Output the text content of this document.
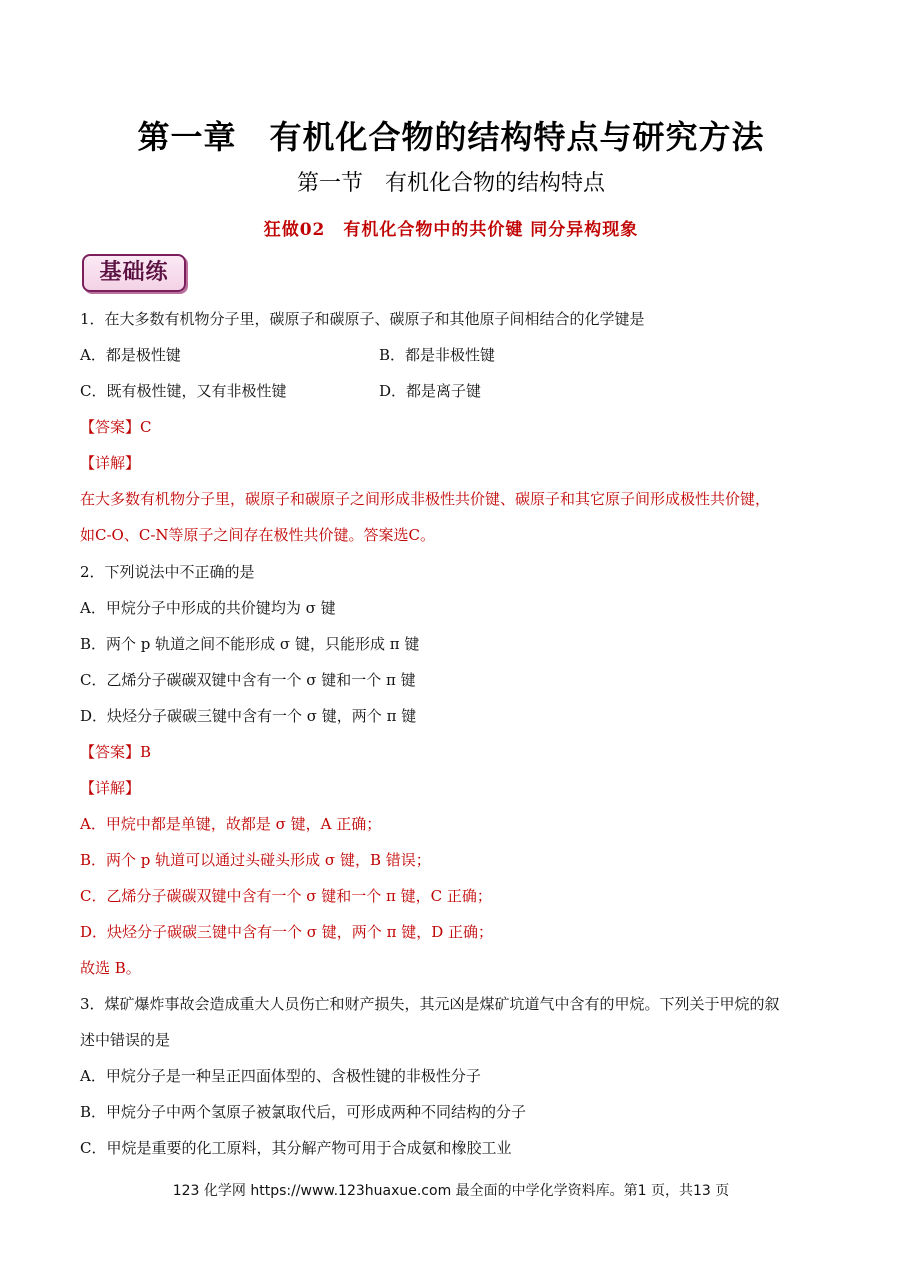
第一章　有机化合物的结构特点与研究方法
第一节　有机化合物的结构特点
狂做02　有机化合物中的共价键 同分异构现象
基础练
1．在大多数有机物分子里，碳原子和碳原子、碳原子和其他原子间相结合的化学键是
A．都是极性键	B．都是非极性键
C．既有极性键，又有非极性键	D．都是离子键
【答案】C
【详解】
在大多数有机物分子里，碳原子和碳原子之间形成非极性共价键、碳原子和其它原子间形成极性共价键，
如C-O、C-N等原子之间存在极性共价键。答案选C。
2．下列说法中不正确的是
A．甲烷分子中形成的共价键均为 σ 键
B．两个 p 轨道之间不能形成 σ 键，只能形成 π 键
C．乙烯分子碳碳双键中含有一个 σ 键和一个 π 键
D．炔烃分子碳碳三键中含有一个 σ 键，两个 π 键
【答案】B
【详解】
A．甲烷中都是单键，故都是 σ 键，A 正确；
B．两个 p 轨道可以通过头碰头形成 σ 键，B 错误；
C．乙烯分子碳碳双键中含有一个 σ 键和一个 π 键，C 正确；
D．炔烃分子碳碳三键中含有一个 σ 键，两个 π 键，D 正确；
故选 B。
3．煤矿爆炸事故会造成重大人员伤亡和财产损失，其元凶是煤矿坑道气中含有的甲烷。下列关于甲烷的叙
述中错误的是
A．甲烷分子是一种呈正四面体型的、含极性键的非极性分子
B．甲烷分子中两个氢原子被氯取代后，可形成两种不同结构的分子
C．甲烷是重要的化工原料，其分解产物可用于合成氨和橡胶工业
123 化学网 https://www.123huaxue.com 最全面的中学化学资料库。第1 页，共13 页
